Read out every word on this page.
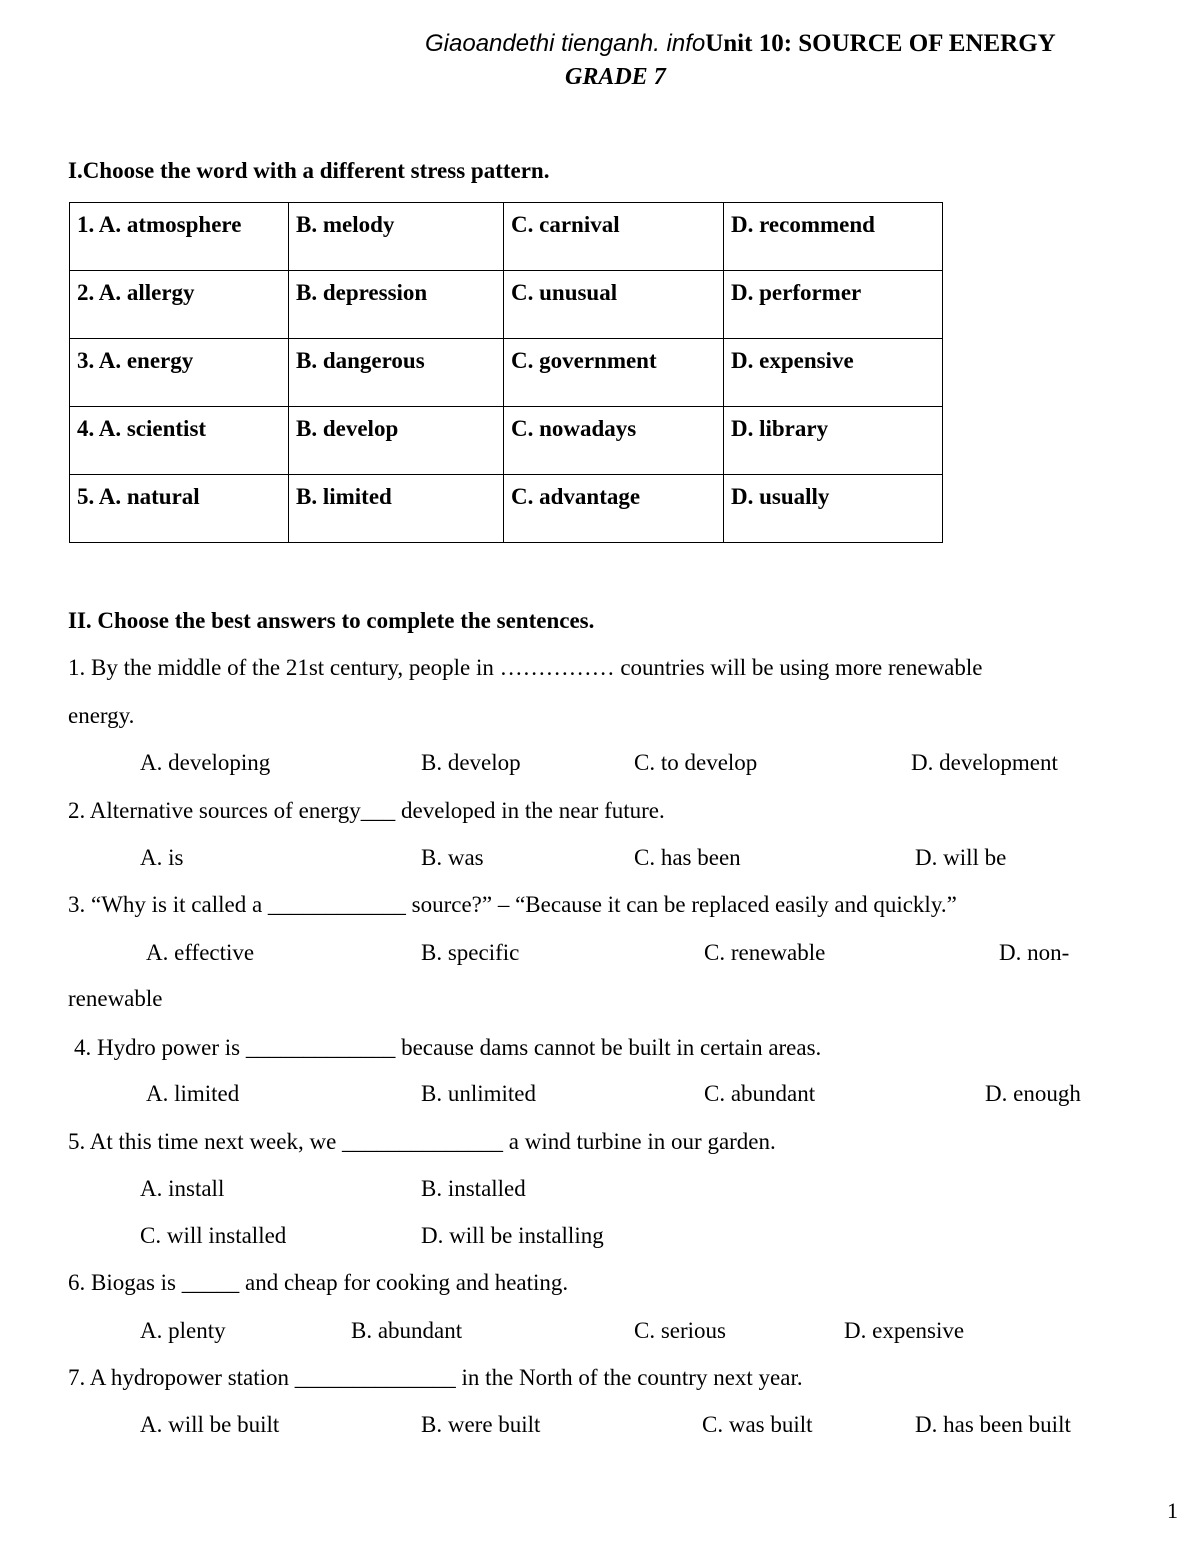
Giaoandethi tienganh. infoUnit 10: SOURCE OF ENERGY
GRADE 7
I.Choose the word with a different stress pattern.
1. A. atmosphere	B. melody	C. carnival	D. recommend
2. A. allergy	B. depression	C. unusual	D. performer
3. A. energy	B. dangerous	C. government	D. expensive
4. A. scientist	B. develop	C. nowadays	D. library
5. A. natural	B. limited	C. advantage	D. usually
II. Choose the best answers to complete the sentences.
1. By the middle of the 21st century, people in …………… countries will be using more renewable
energy.
A. developing	B. develop	C. to develop	D. development
2. Alternative sources of energy___ developed in the near future.
A. is	B. was	C. has been	D. will be
3. “Why is it called a ____________ source?” – “Because it can be replaced easily and quickly.”
A. effective	B. specific	C. renewable	D. non-
renewable
4. Hydro power is _____________ because dams cannot be built in certain areas.
A. limited	B. unlimited	C. abundant	D. enough
5. At this time next week, we ______________ a wind turbine in our garden.
A. install	B. installed
C. will installed	D. will be installing
6. Biogas is _____ and cheap for cooking and heating.
A. plenty	B. abundant	C. serious	D. expensive
7. A hydropower station ______________ in the North of the country next year.
A. will be built	B. were built	C. was built	D. has been built
1
